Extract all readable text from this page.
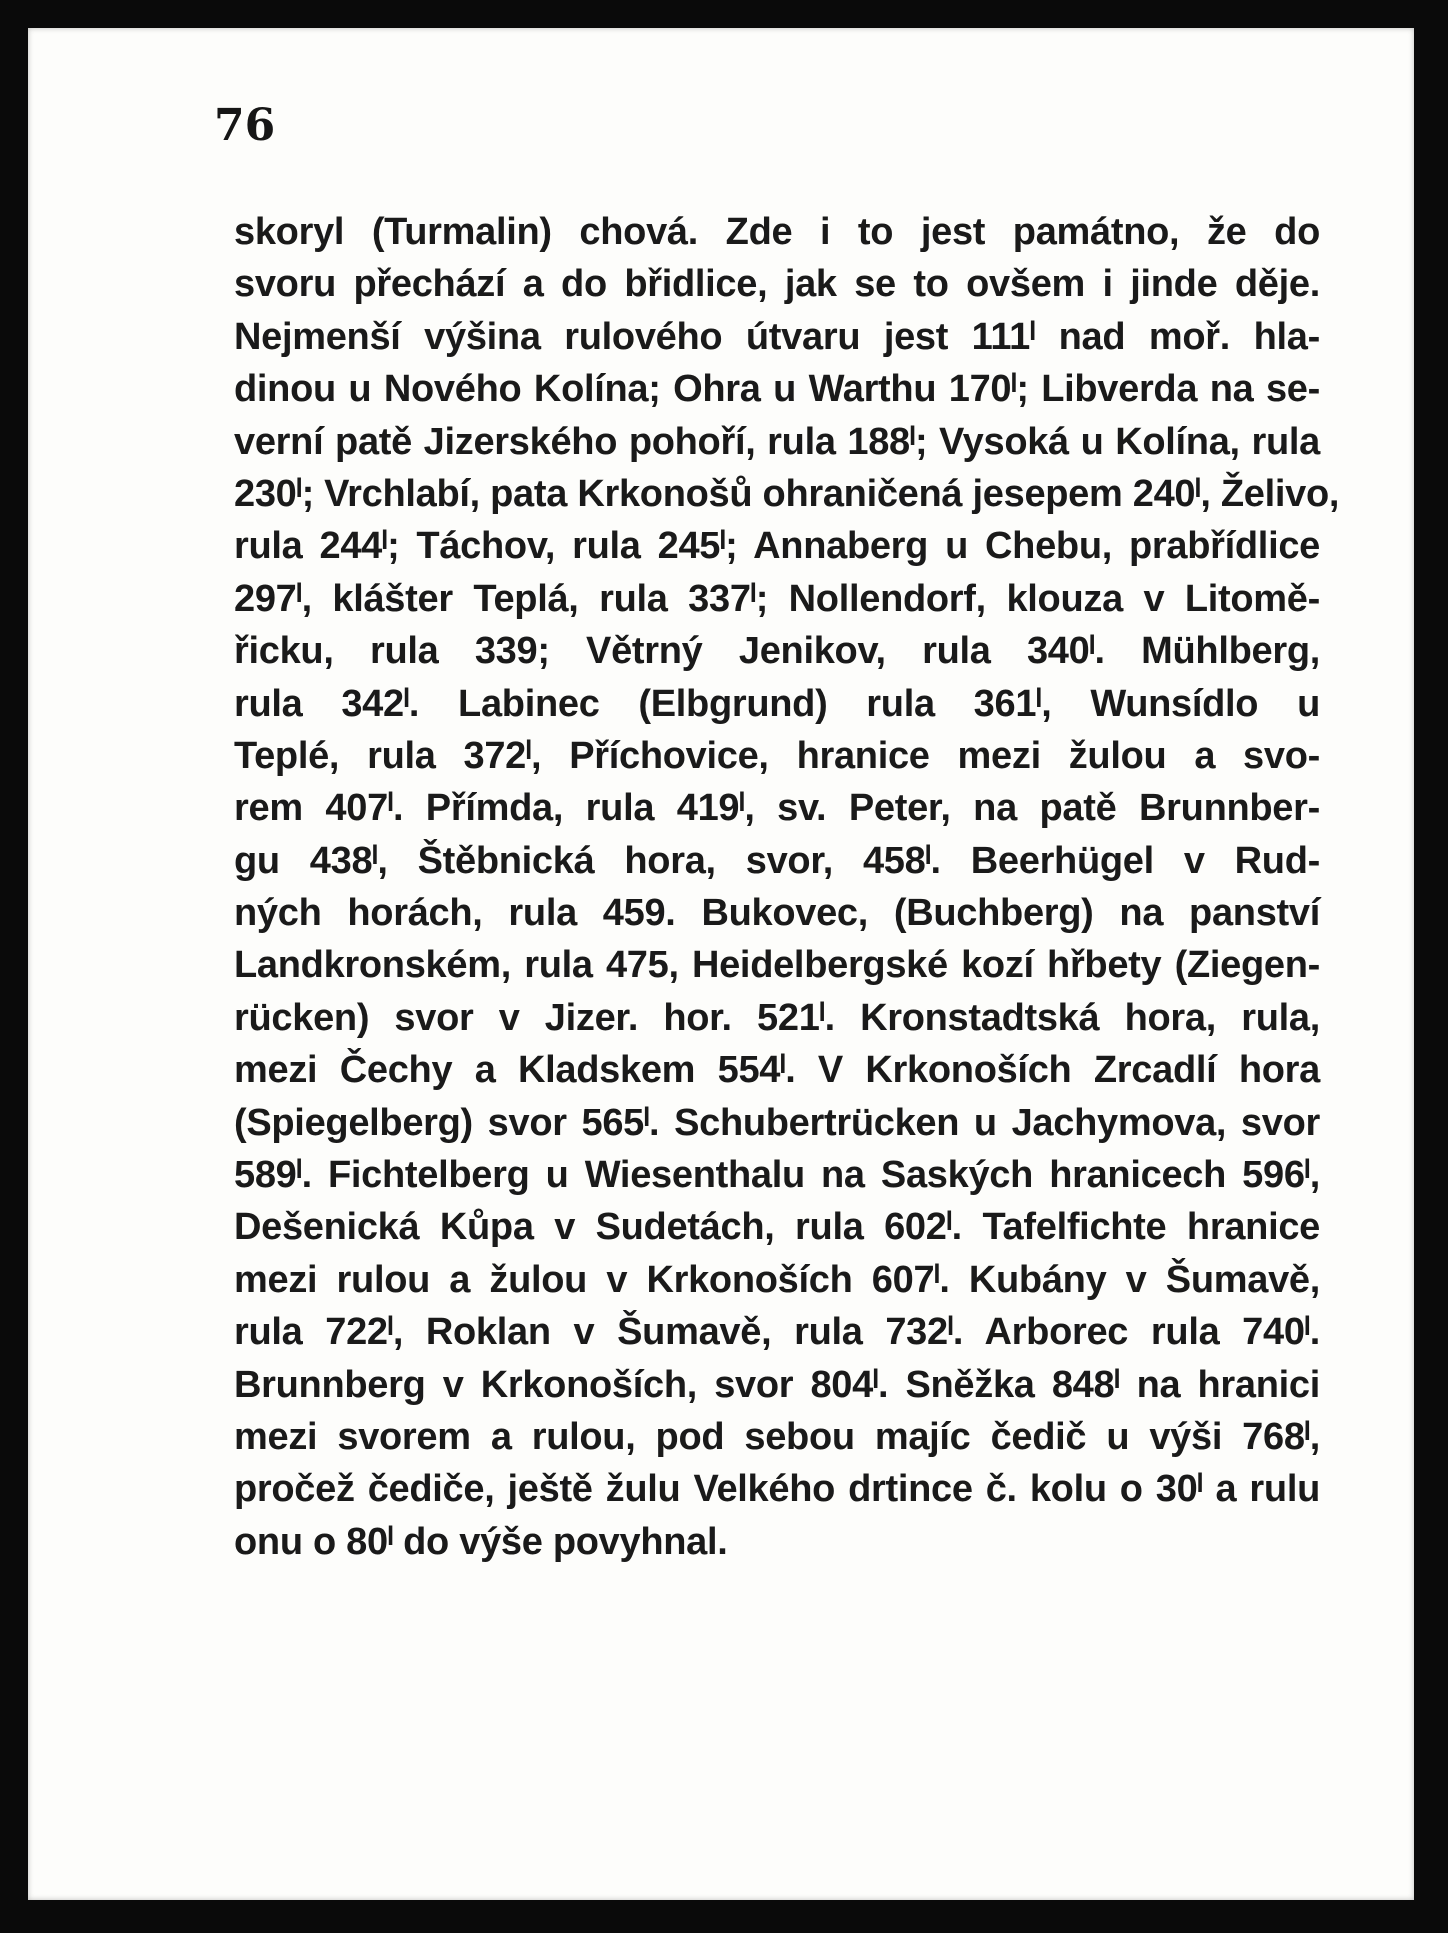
76
skoryl (Turmalin) chová. Zde i to jest památno, že do
svoru přechází a do břidlice, jak se to ovšem i jinde děje.
Nejmenší výšina rulového útvaru jest 111ˡ nad moř. hla-
dinou u Nového Kolína; Ohra u Warthu 170ˡ; Libverda na se-
verní patě Jizerského pohoří, rula 188ˡ; Vysoká u Kolína, rula
230ˡ; Vrchlabí, pata Krkonošů ohraničená jesepem 240ˡ, Želivo,
rula 244ˡ; Táchov, rula 245ˡ; Annaberg u Chebu, prabřídlice
297ˡ, klášter Teplá, rula 337ˡ; Nollendorf, klouza v Litomě-
řicku, rula 339; Větrný Jenikov, rula 340ˡ. Mühlberg,
rula 342ˡ. Labinec (Elbgrund) rula 361ˡ, Wunsídlo u
Teplé, rula 372ˡ, Příchovice, hranice mezi žulou a svo-
rem 407ˡ. Přímda, rula 419ˡ, sv. Peter, na patě Brunnber-
gu 438ˡ, Štěbnická hora, svor, 458ˡ. Beerhügel v Rud-
ných horách, rula 459. Bukovec, (Buchberg) na panství
Landkronském, rula 475, Heidelbergské kozí hřbety (Ziegen-
rücken) svor v Jizer. hor. 521ˡ. Kronstadtská hora, rula,
mezi Čechy a Kladskem 554ˡ. V Krkonoších Zrcadlí hora
(Spiegelberg) svor 565ˡ. Schubertrücken u Jachymova, svor
589ˡ. Fichtelberg u Wiesenthalu na Saských hranicech 596ˡ,
Dešenická Kůpa v Sudetách, rula 602ˡ. Tafelfichte hranice
mezi rulou a žulou v Krkonoších 607ˡ. Kubány v Šumavě,
rula 722ˡ, Roklan v Šumavě, rula 732ˡ. Arborec rula 740ˡ.
Brunnberg v Krkonoších, svor 804ˡ. Sněžka 848ˡ na hranici
mezi svorem a rulou, pod sebou majíc čedič u výši 768ˡ,
pročež čediče, ještě žulu Velkého drtince č. kolu o 30ˡ a rulu
onu o 80ˡ do výše povyhnal.
